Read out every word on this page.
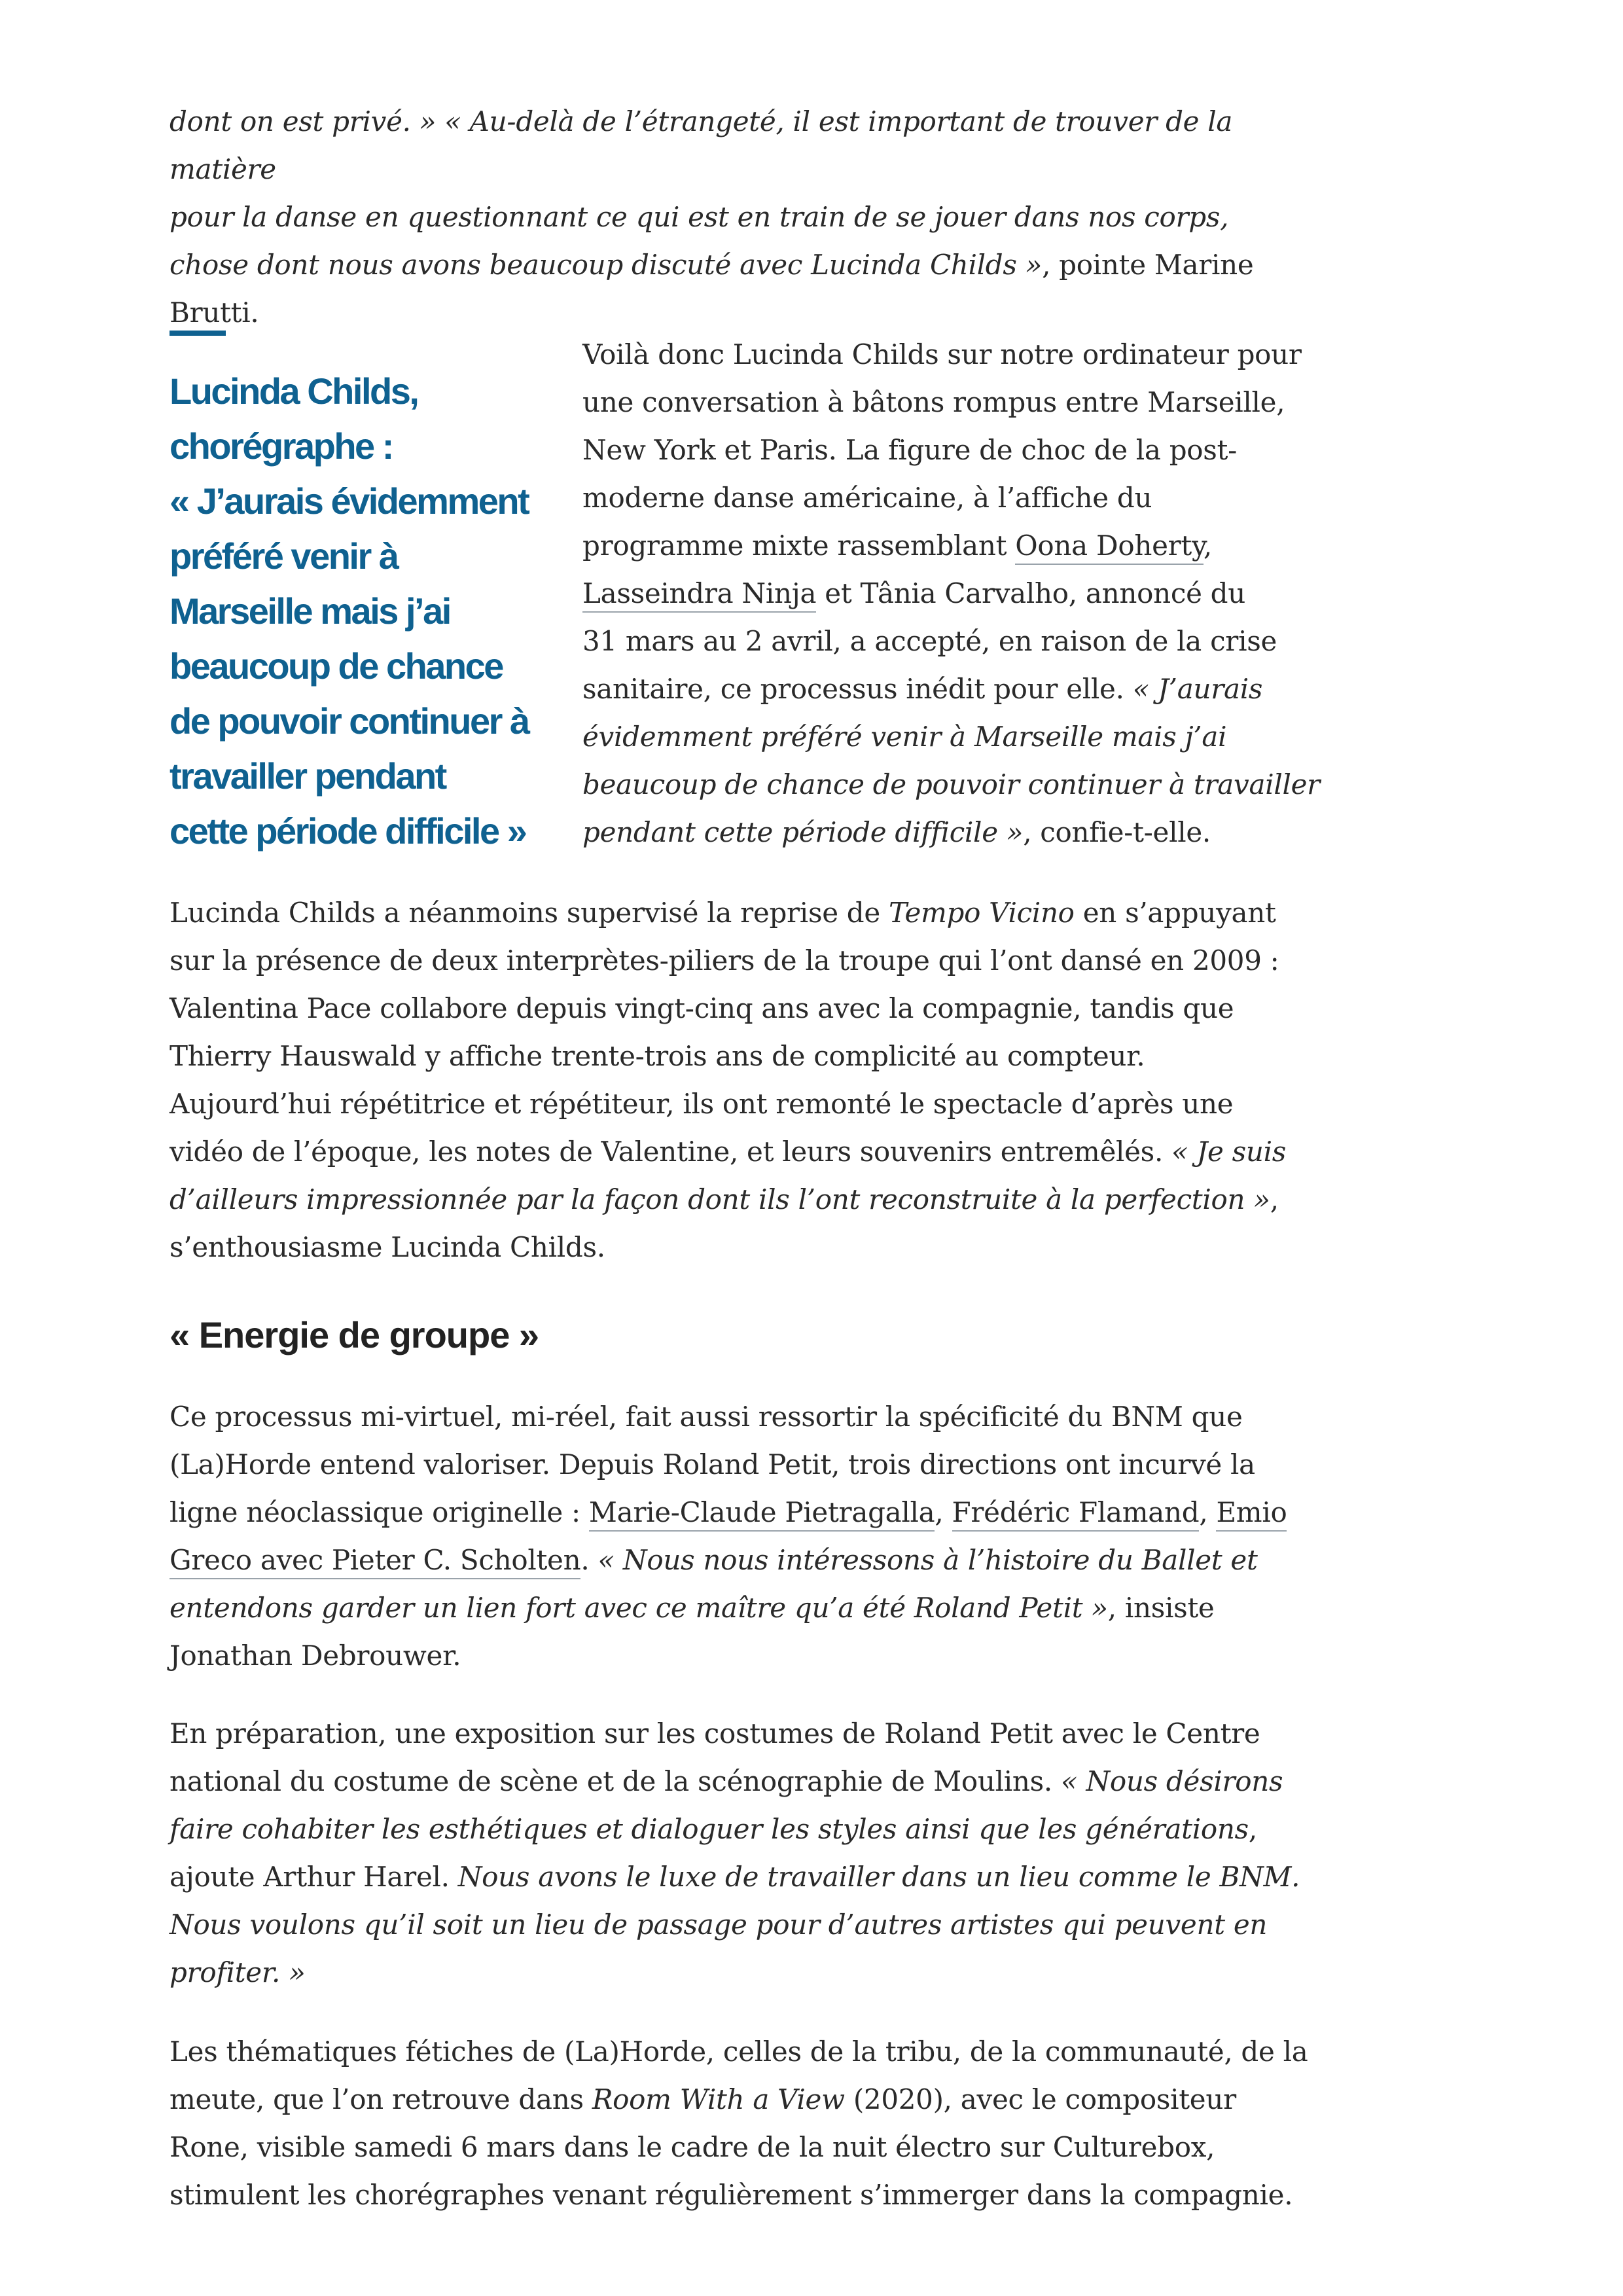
dont on est privé. » « Au-delà de l’étrangeté, il est important de trouver de la matière
pour la danse en questionnant ce qui est en train de se jouer dans nos corps,
chose dont nous avons beaucoup discuté avec Lucinda Childs », pointe Marine
Brutti.

Lucinda Childs,
chorégraphe :
« J’aurais évidemment
préféré venir à
Marseille mais j’ai
beaucoup de chance
de pouvoir continuer à
travailler pendant
cette période difficile »

Voilà donc Lucinda Childs sur notre ordinateur pour
une conversation à bâtons rompus entre Marseille,
New York et Paris. La figure de choc de la post-
moderne danse américaine, à l’affiche du
programme mixte rassemblant Oona Doherty,
Lasseindra Ninja et Tânia Carvalho, annoncé du
31 mars au 2 avril, a accepté, en raison de la crise
sanitaire, ce processus inédit pour elle. « J’aurais
évidemment préféré venir à Marseille mais j’ai
beaucoup de chance de pouvoir continuer à travailler
pendant cette période difficile », confie-t-elle.

Lucinda Childs a néanmoins supervisé la reprise de Tempo Vicino en s’appuyant
sur la présence de deux interprètes-piliers de la troupe qui l’ont dansé en 2009 :
Valentina Pace collabore depuis vingt-cinq ans avec la compagnie, tandis que
Thierry Hauswald y affiche trente-trois ans de complicité au compteur.
Aujourd’hui répétitrice et répétiteur, ils ont remonté le spectacle d’après une
vidéo de l’époque, les notes de Valentine, et leurs souvenirs entremêlés. « Je suis
d’ailleurs impressionnée par la façon dont ils l’ont reconstruite à la perfection »,
s’enthousiasme Lucinda Childs.

« Energie de groupe »

Ce processus mi-virtuel, mi-réel, fait aussi ressortir la spécificité du BNM que
(La)Horde entend valoriser. Depuis Roland Petit, trois directions ont incurvé la
ligne néoclassique originelle : Marie-Claude Pietragalla, Frédéric Flamand, Emio
Greco avec Pieter C. Scholten. « Nous nous intéressons à l’histoire du Ballet et
entendons garder un lien fort avec ce maître qu’a été Roland Petit », insiste
Jonathan Debrouwer.

En préparation, une exposition sur les costumes de Roland Petit avec le Centre
national du costume de scène et de la scénographie de Moulins. « Nous désirons
faire cohabiter les esthétiques et dialoguer les styles ainsi que les générations,
ajoute Arthur Harel. Nous avons le luxe de travailler dans un lieu comme le BNM.
Nous voulons qu’il soit un lieu de passage pour d’autres artistes qui peuvent en
profiter. »

Les thématiques fétiches de (La)Horde, celles de la tribu, de la communauté, de la
meute, que l’on retrouve dans Room With a View (2020), avec le compositeur
Rone, visible samedi 6 mars dans le cadre de la nuit électro sur Culturebox,
stimulent les chorégraphes venant régulièrement s’immerger dans la compagnie.
